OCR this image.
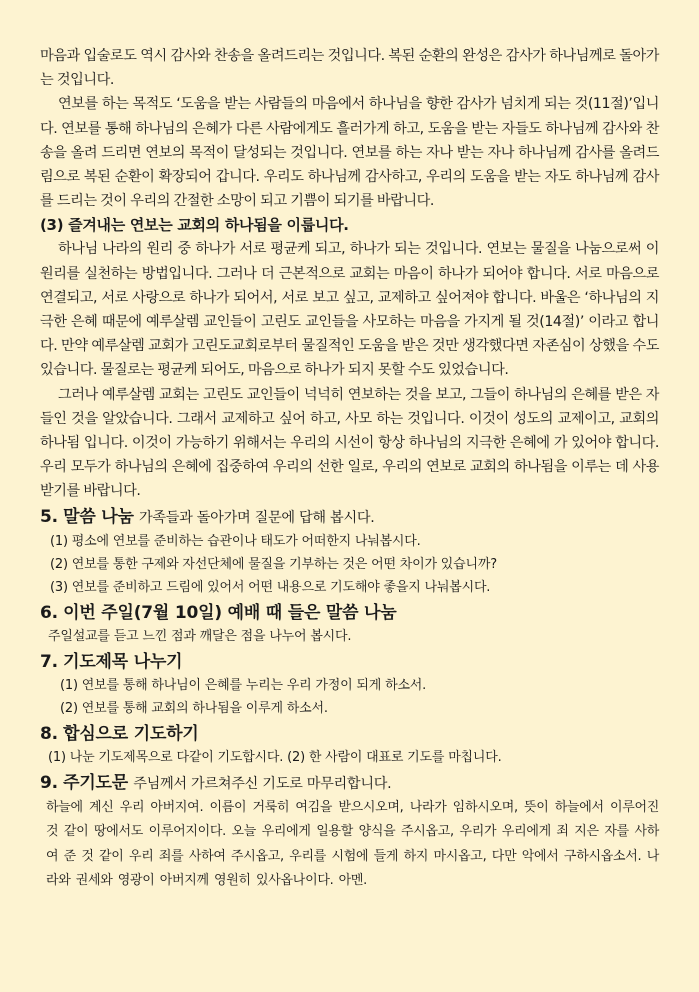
마음과 입술로도 역시 감사와 찬송을 올려드리는 것입니다. 복된 순환의 완성은 감사가 하나님께로 돌아가는 것입니다.

연보를 하는 목적도 ‘도움을 받는 사람들의 마음에서 하나님을 향한 감사가 넘치게 되는 것(11절)’입니다. 연보를 통해 하나님의 은혜가 다른 사람에게도 흘러가게 하고, 도움을 받는 자들도 하나님께 감사와 찬송을 올려 드리면 연보의 목적이 달성되는 것입니다. 연보를 하는 자나 받는 자나 하나님께 감사를 올려드림으로 복된 순환이 확장되어 갑니다. 우리도 하나님께 감사하고, 우리의 도움을 받는 자도 하나님께 감사를 드리는 것이 우리의 간절한 소망이 되고 기쁨이 되기를 바랍니다.

(3) 즐겨내는 연보는 교회의 하나됨을 이룹니다.

하나님 나라의 원리 중 하나가 서로 평균케 되고, 하나가 되는 것입니다. 연보는 물질을 나눔으로써 이 원리를 실천하는 방법입니다. 그러나 더 근본적으로 교회는 마음이 하나가 되어야 합니다. 서로 마음으로 연결되고, 서로 사랑으로 하나가 되어서, 서로 보고 싶고, 교제하고 싶어져야 합니다. 바울은 ‘하나님의 지극한 은혜 때문에 예루살렘 교인들이 고린도 교인들을 사모하는 마음을 가지게 될 것(14절)’ 이라고 합니다. 만약 예루살렘 교회가 고린도교회로부터 물질적인 도움을 받은 것만 생각했다면 자존심이 상했을 수도 있습니다. 물질로는 평균케 되어도, 마음으로 하나가 되지 못할 수도 있었습니다.

그러나 예루살렘 교회는 고린도 교인들이 넉넉히 연보하는 것을 보고, 그들이 하나님의 은혜를 받은 자들인 것을 알았습니다. 그래서 교제하고 싶어 하고, 사모 하는 것입니다. 이것이 성도의 교제이고, 교회의 하나됨 입니다. 이것이 가능하기 위해서는 우리의 시선이 항상 하나님의 지극한 은혜에 가 있어야 합니다. 우리 모두가 하나님의 은혜에 집중하여 우리의 선한 일로, 우리의 연보로 교회의 하나됨을 이루는 데 사용받기를 바랍니다.

5. 말씀 나눔 가족들과 돌아가며 질문에 답해 봅시다.

(1) 평소에 연보를 준비하는 습관이나 태도가 어떠한지 나눠봅시다.

(2) 연보를 통한 구제와 자선단체에 물질을 기부하는 것은 어떤 차이가 있습니까?

(3) 연보를 준비하고 드림에 있어서 어떤 내용으로 기도해야 좋을지 나눠봅시다.

6. 이번 주일(7월 10일) 예배 때 들은 말씀 나눔

주일설교를 듣고 느낀 점과 깨달은 점을 나누어 봅시다.

7. 기도제목 나누기

(1) 연보를 통해 하나님이 은혜를 누리는 우리 가정이 되게 하소서.

(2) 연보를 통해 교회의 하나됨을 이루게 하소서.

8. 합심으로 기도하기

(1) 나눈 기도제목으로 다같이 기도합시다. (2) 한 사람이 대표로 기도를 마칩니다.

9. 주기도문 주님께서 가르쳐주신 기도로 마무리합니다.

하늘에 계신 우리 아버지여. 이름이 거룩히 여김을 받으시오며, 나라가 임하시오며, 뜻이 하늘에서 이루어진 것 같이 땅에서도 이루어지이다. 오늘 우리에게 일용할 양식을 주시옵고, 우리가 우리에게 죄 지은 자를 사하여 준 것 같이 우리 죄를 사하여 주시옵고, 우리를 시험에 들게 하지 마시옵고, 다만 악에서 구하시옵소서. 나라와 권세와 영광이 아버지께 영원히 있사옵나이다. 아멘.
